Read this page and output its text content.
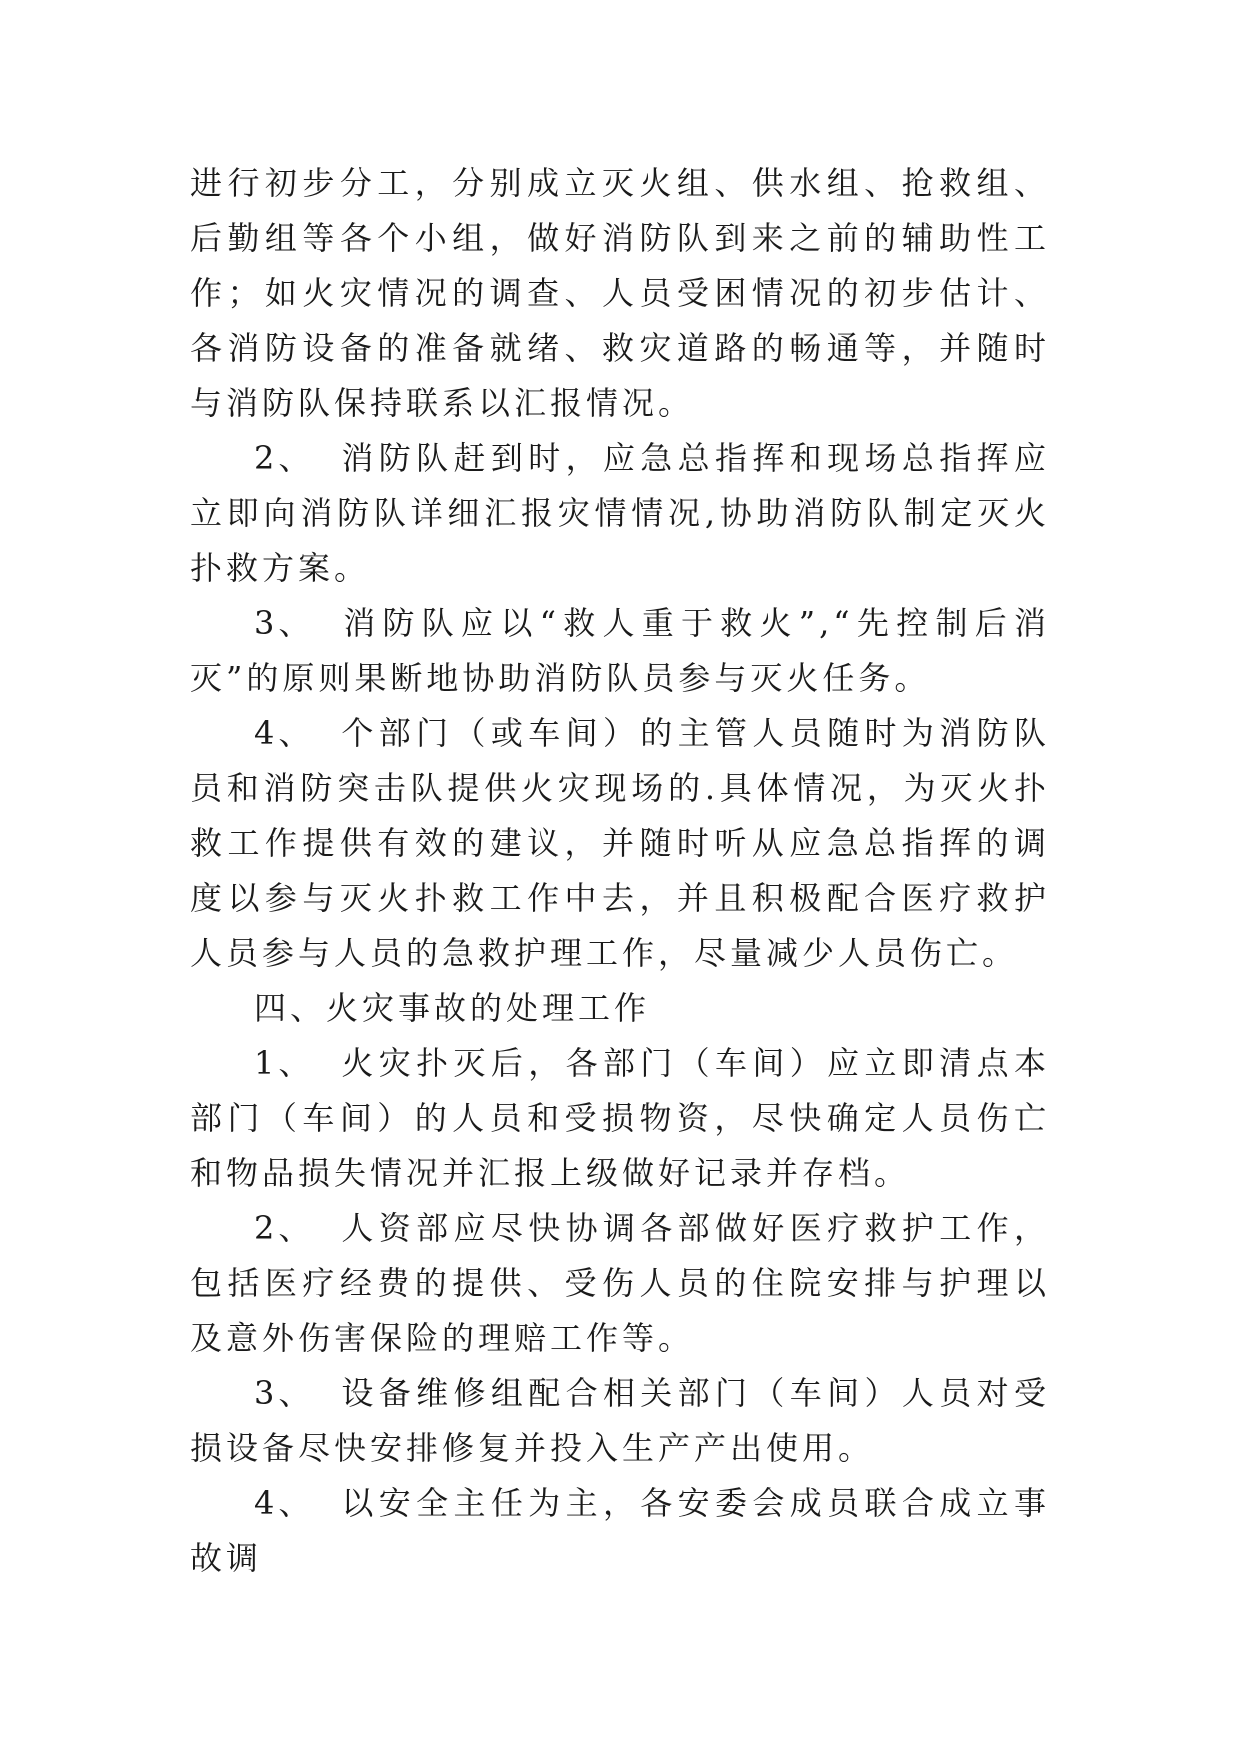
进行初步分工，分别成立灭火组、供水组、抢救组、后勤组等各个小组，做好消防队到来之前的辅助性工作；如火灾情况的调查、人员受困情况的初步估计、各消防设备的准备就绪、救灾道路的畅通等，并随时与消防队保持联系以汇报情况。

2、 消防队赶到时，应急总指挥和现场总指挥应立即向消防队详细汇报灾情情况,协助消防队制定灭火扑救方案。

3、 消防队应以“救人重于救火”,“先控制后消灭”的原则果断地协助消防队员参与灭火任务。

4、 个部门（或车间）的主管人员随时为消防队员和消防突击队提供火灾现场的.具体情况，为灭火扑救工作提供有效的建议，并随时听从应急总指挥的调度以参与灭火扑救工作中去，并且积极配合医疗救护人员参与人员的急救护理工作，尽量减少人员伤亡。

四、火灾事故的处理工作

1、 火灾扑灭后，各部门（车间）应立即清点本部门（车间）的人员和受损物资，尽快确定人员伤亡和物品损失情况并汇报上级做好记录并存档。

2、 人资部应尽快协调各部做好医疗救护工作，包括医疗经费的提供、受伤人员的住院安排与护理以及意外伤害保险的理赔工作等。

3、 设备维修组配合相关部门（车间）人员对受损设备尽快安排修复并投入生产产出使用。

4、 以安全主任为主，各安委会成员联合成立事故调
